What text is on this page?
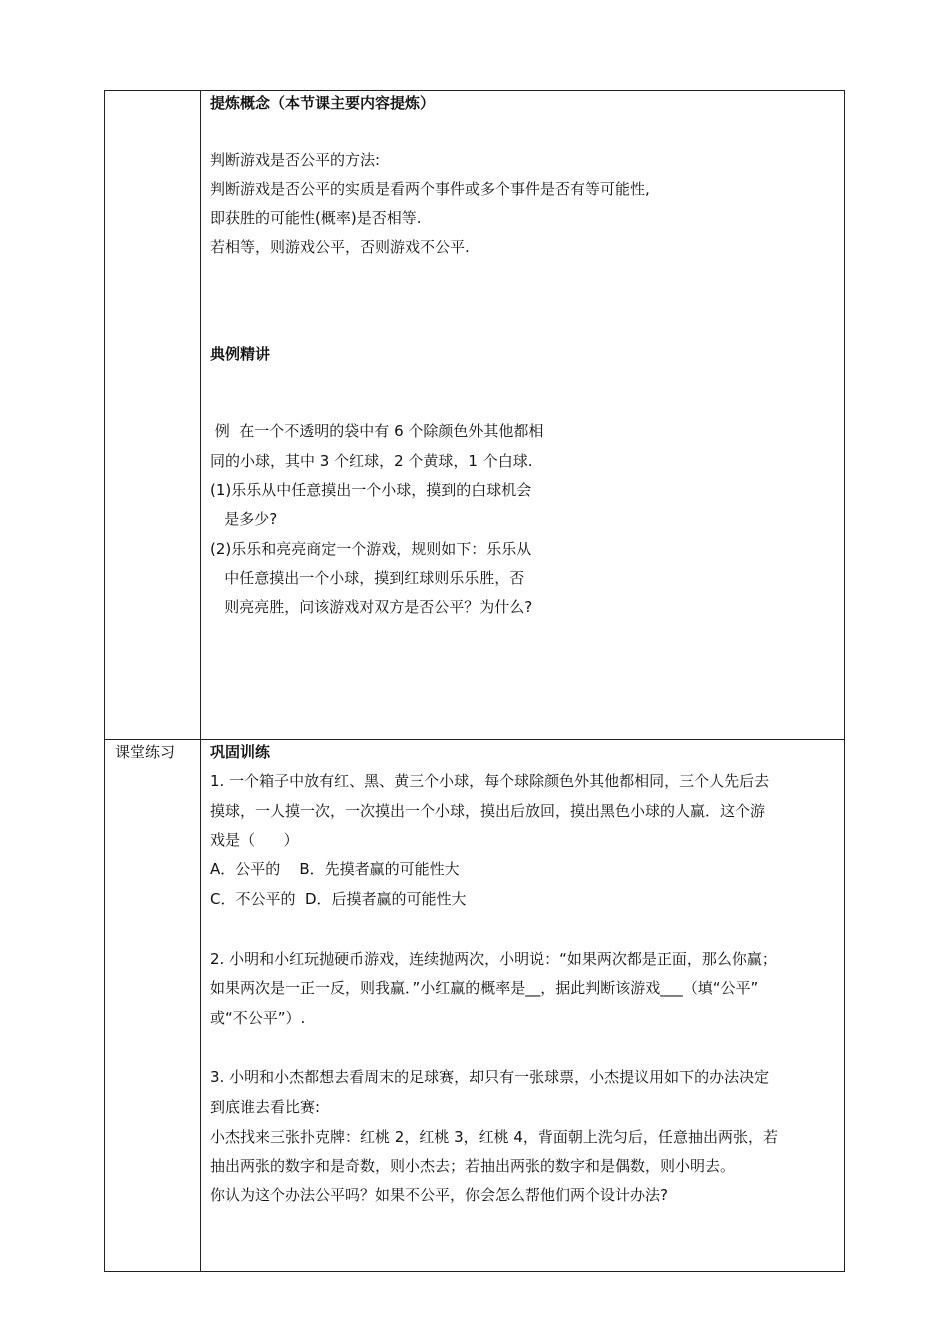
提炼概念（本节课主要内容提炼）
判断游戏是否公平的方法:
判断游戏是否公平的实质是看两个事件或多个事件是否有等可能性,
即获胜的可能性(概率)是否相等.
若相等，则游戏公平，否则游戏不公平.
典例精讲
例  在一个不透明的袋中有 6 个除颜色外其他都相
同的小球，其中 3 个红球，2 个黄球，1 个白球.
(1)乐乐从中任意摸出一个小球，摸到的白球机会
是多少?
(2)乐乐和亮亮商定一个游戏，规则如下：乐乐从
中任意摸出一个小球，摸到红球则乐乐胜，否
则亮亮胜，问该游戏对双方是否公平？为什么?
课堂练习 巩固训练
1. 一个箱子中放有红、黑、黄三个小球，每个球除颜色外其他都相同，三个人先后去
摸球，一人摸一次，一次摸出一个小球，摸出后放回，摸出黑色小球的人赢．这个游
戏是（      ）
A．公平的    B．先摸者赢的可能性大
C．不公平的  D．后摸者赢的可能性大
2. 小明和小红玩抛硬币游戏，连续抛两次，小明说：“如果两次都是正面，那么你赢；
如果两次是一正一反，则我赢．”小红赢的概率是__，据此判断该游戏___（填“公平”
或“不公平”）.
3. 小明和小杰都想去看周末的足球赛，却只有一张球票，小杰提议用如下的办法决定
到底谁去看比赛:
小杰找来三张扑克牌：红桃 2，红桃 3，红桃 4，背面朝上洗匀后，任意抽出两张，若
抽出两张的数字和是奇数，则小杰去；若抽出两张的数字和是偶数，则小明去。
你认为这个办法公平吗？如果不公平，你会怎么帮他们两个设计办法?
